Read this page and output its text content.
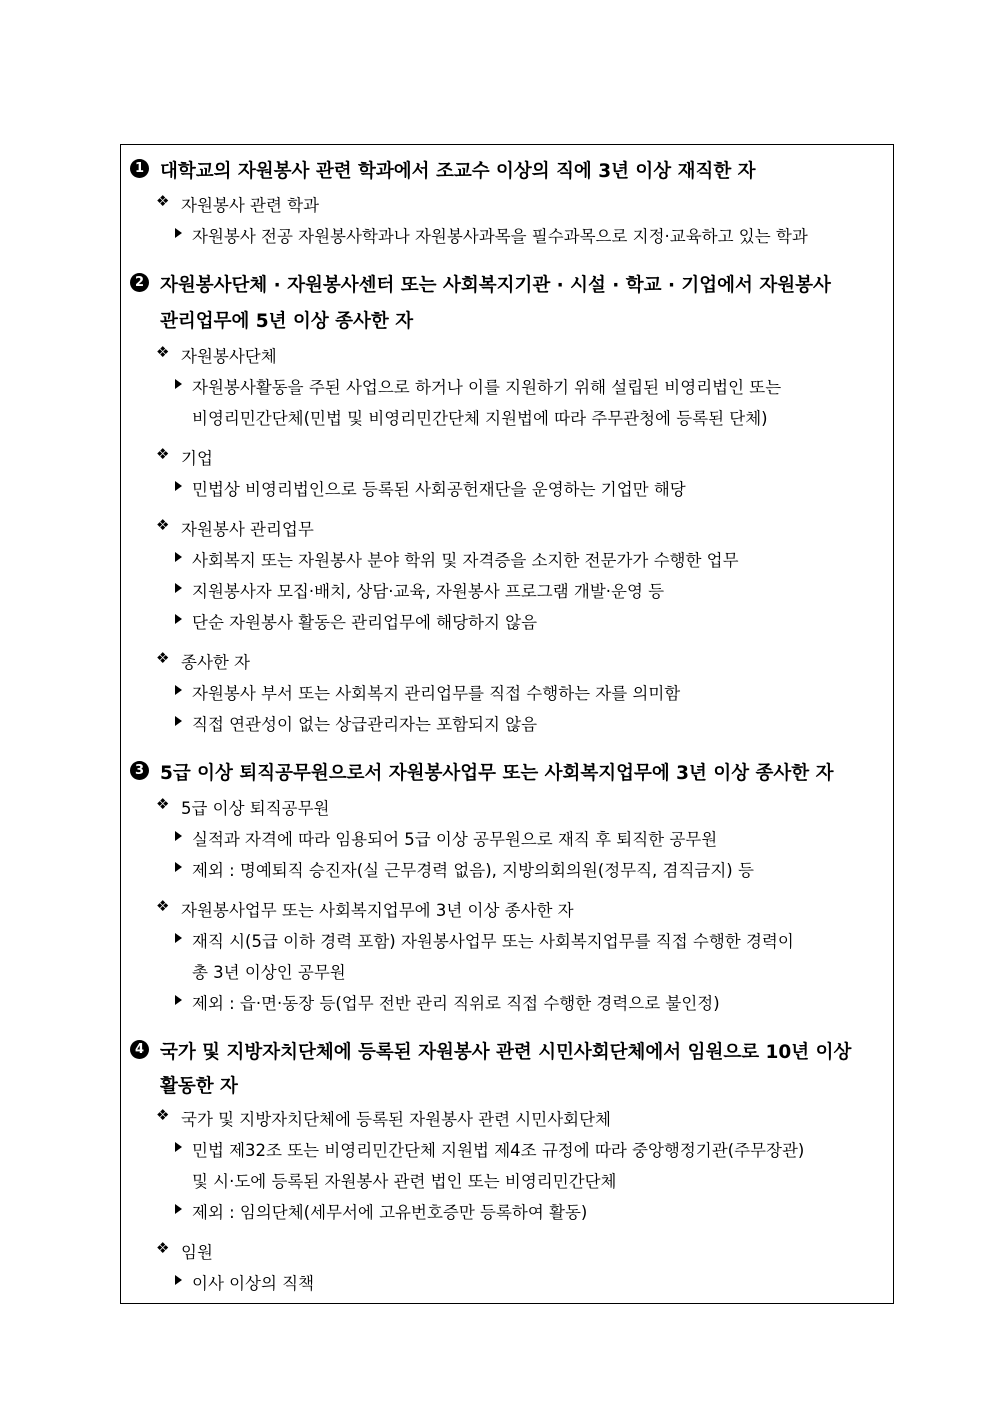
1 대학교의 자원봉사 관련 학과에서 조교수 이상의 직에 3년 이상 재직한 자
❖ 자원봉사 관련 학과
자원봉사 전공 자원봉사학과나 자원봉사과목을 필수과목으로 지정·교육하고 있는 학과
2 자원봉사단체 · 자원봉사센터 또는 사회복지기관 · 시설 · 학교 · 기업에서 자원봉사
관리업무에 5년 이상 종사한 자
❖ 자원봉사단체
자원봉사활동을 주된 사업으로 하거나 이를 지원하기 위해 설립된 비영리법인 또는
비영리민간단체(민법 및 비영리민간단체 지원법에 따라 주무관청에 등록된 단체)
❖ 기업
민법상 비영리법인으로 등록된 사회공헌재단을 운영하는 기업만 해당
❖ 자원봉사 관리업무
사회복지 또는 자원봉사 분야 학위 및 자격증을 소지한 전문가가 수행한 업무
지원봉사자 모집·배치, 상담·교육, 자원봉사 프로그램 개발·운영 등
단순 자원봉사 활동은 관리업무에 해당하지 않음
❖ 종사한 자
자원봉사 부서 또는 사회복지 관리업무를 직접 수행하는 자를 의미함
직접 연관성이 없는 상급관리자는 포함되지 않음
3 5급 이상 퇴직공무원으로서 자원봉사업무 또는 사회복지업무에 3년 이상 종사한 자
❖ 5급 이상 퇴직공무원
실적과 자격에 따라 임용되어 5급 이상 공무원으로 재직 후 퇴직한 공무원
제외 : 명예퇴직 승진자(실 근무경력 없음), 지방의회의원(정무직, 겸직금지) 등
❖ 자원봉사업무 또는 사회복지업무에 3년 이상 종사한 자
재직 시(5급 이하 경력 포함) 자원봉사업무 또는 사회복지업무를 직접 수행한 경력이
총 3년 이상인 공무원
제외 : 읍·면·동장 등(업무 전반 관리 직위로 직접 수행한 경력으로 불인정)
4 국가 및 지방자치단체에 등록된 자원봉사 관련 시민사회단체에서 임원으로 10년 이상
활동한 자
❖ 국가 및 지방자치단체에 등록된 자원봉사 관련 시민사회단체
민법 제32조 또는 비영리민간단체 지원법 제4조 규정에 따라 중앙행정기관(주무장관)
및 시·도에 등록된 자원봉사 관련 법인 또는 비영리민간단체
제외 : 임의단체(세무서에 고유번호증만 등록하여 활동)
❖ 임원
이사 이상의 직책
